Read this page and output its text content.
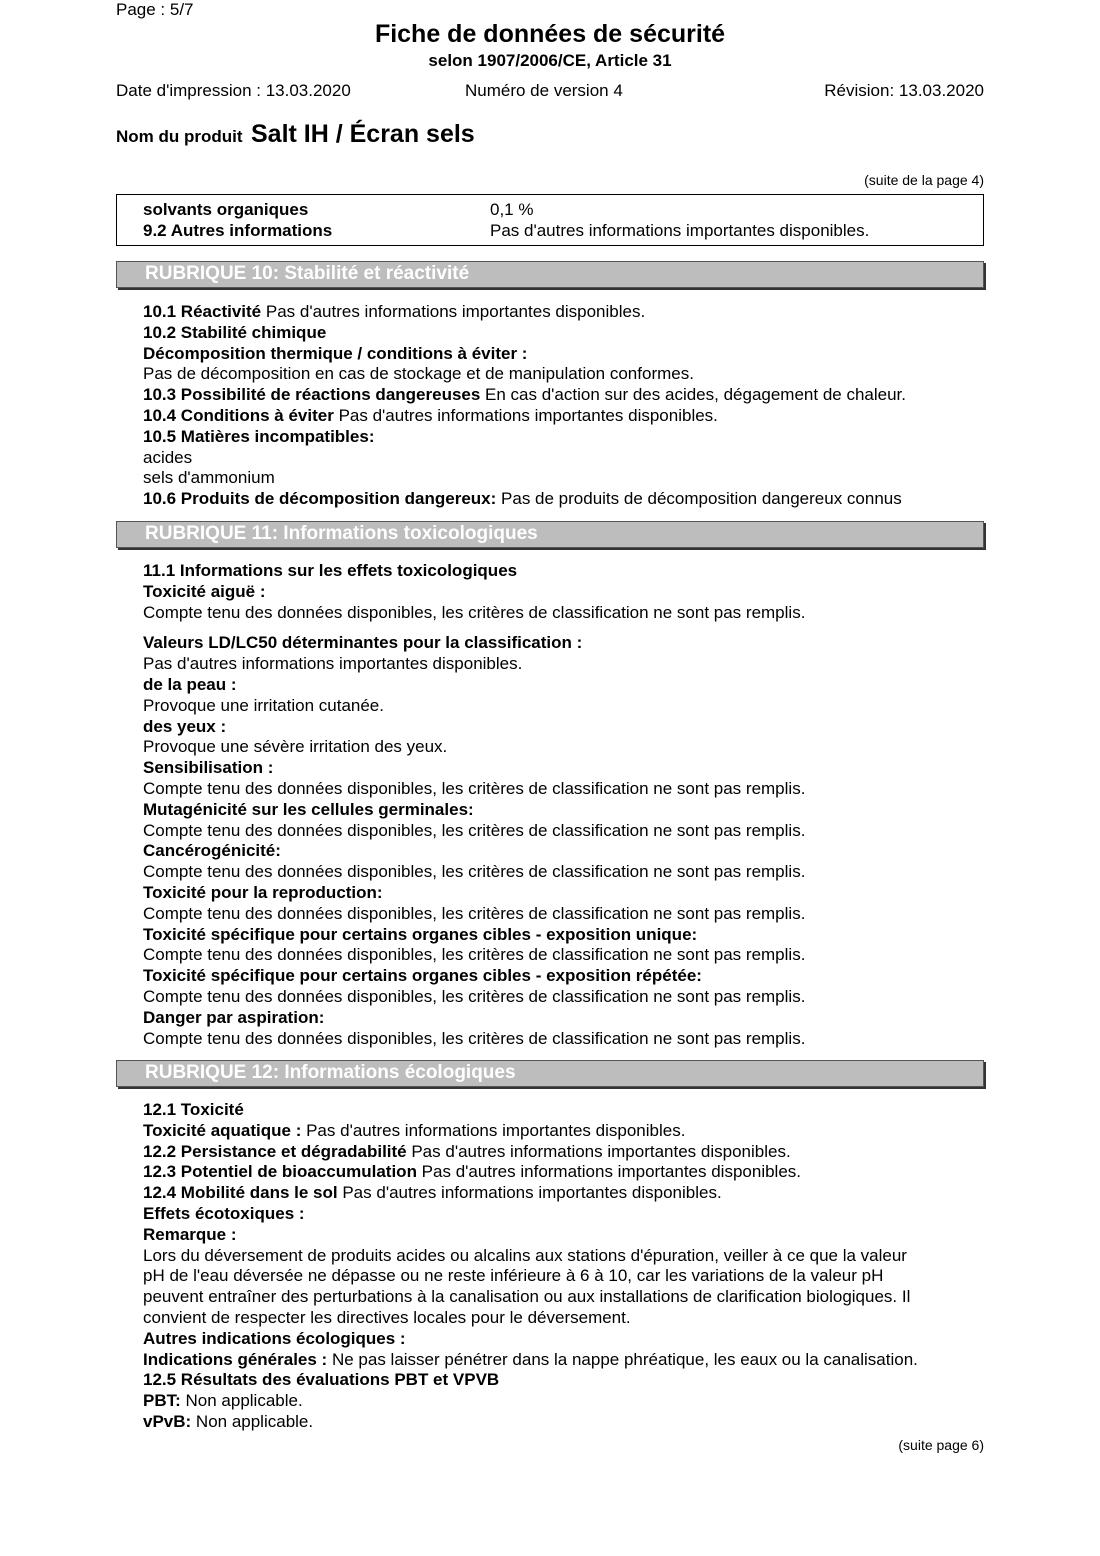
Page : 5/7
Fiche de données de sécurité
selon 1907/2006/CE, Article 31
Date d'impression : 13.03.2020	Numéro de version 4	Révision: 13.03.2020
Nom du produit Salt IH / Écran sels
(suite de la page 4)
solvants organiques	0,1 %
9.2 Autres informations	Pas d'autres informations importantes disponibles.
RUBRIQUE 10: Stabilité et réactivité

10.1 Réactivité Pas d'autres informations importantes disponibles.

10.2 Stabilité chimique

Décomposition thermique / conditions à éviter :

Pas de décomposition en cas de stockage et de manipulation conformes.

10.3 Possibilité de réactions dangereuses En cas d'action sur des acides, dégagement de chaleur.

10.4 Conditions à éviter Pas d'autres informations importantes disponibles.

10.5 Matières incompatibles:

acides

sels d'ammonium

10.6 Produits de décomposition dangereux: Pas de produits de décomposition dangereux connus

RUBRIQUE 11: Informations toxicologiques

11.1 Informations sur les effets toxicologiques

Toxicité aiguë :

Compte tenu des données disponibles, les critères de classification ne sont pas remplis.

Valeurs LD/LC50 déterminantes pour la classification :

Pas d'autres informations importantes disponibles.

de la peau :

Provoque une irritation cutanée.

des yeux :

Provoque une sévère irritation des yeux.

Sensibilisation :

Compte tenu des données disponibles, les critères de classification ne sont pas remplis.

Mutagénicité sur les cellules germinales:

Compte tenu des données disponibles, les critères de classification ne sont pas remplis.

Cancérogénicité:

Compte tenu des données disponibles, les critères de classification ne sont pas remplis.

Toxicité pour la reproduction:

Compte tenu des données disponibles, les critères de classification ne sont pas remplis.

Toxicité spécifique pour certains organes cibles - exposition unique:

Compte tenu des données disponibles, les critères de classification ne sont pas remplis.

Toxicité spécifique pour certains organes cibles - exposition répétée:

Compte tenu des données disponibles, les critères de classification ne sont pas remplis.

Danger par aspiration:

Compte tenu des données disponibles, les critères de classification ne sont pas remplis.

RUBRIQUE 12: Informations écologiques

12.1 Toxicité

Toxicité aquatique : Pas d'autres informations importantes disponibles.

12.2 Persistance et dégradabilité Pas d'autres informations importantes disponibles.

12.3 Potentiel de bioaccumulation Pas d'autres informations importantes disponibles.

12.4 Mobilité dans le sol Pas d'autres informations importantes disponibles.

Effets écotoxiques :

Remarque :

Lors du déversement de produits acides ou alcalins aux stations d'épuration, veiller à ce que la valeur

pH de l'eau déversée ne dépasse ou ne reste inférieure à 6 à 10, car les variations de la valeur pH

peuvent entraîner des perturbations à la canalisation ou aux installations de clarification biologiques. Il

convient de respecter les directives locales pour le déversement.

Autres indications écologiques :

Indications générales : Ne pas laisser pénétrer dans la nappe phréatique, les eaux ou la canalisation.

12.5 Résultats des évaluations PBT et VPVB

PBT: Non applicable.

vPvB: Non applicable.

(suite page 6)
